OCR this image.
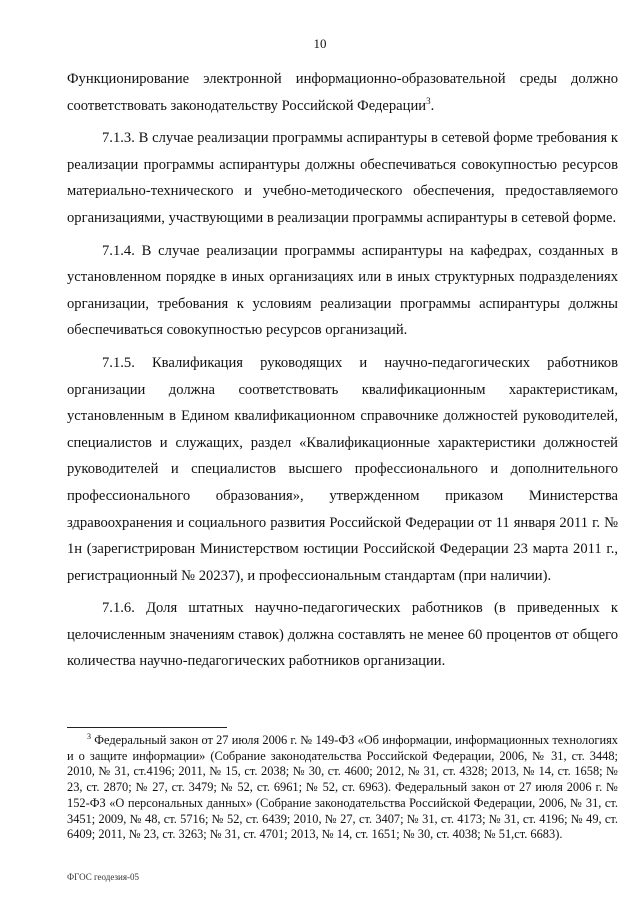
10

Функционирование электронной информационно-образовательной среды должно соответствовать законодательству Российской Федерации$^3$.

7.1.3. В случае реализации программы аспирантуры в сетевой форме требования к реализации программы аспирантуры должны обеспечиваться совокупностью ресурсов материально-технического и учебно-методического обеспечения, предоставляемого организациями, участвующими в реализации программы аспирантуры в сетевой форме.

7.1.4. В случае реализации программы аспирантуры на кафедрах, созданных в установленном порядке в иных организациях или в иных структурных подразделениях организации, требования к условиям реализации программы аспирантуры должны обеспечиваться совокупностью ресурсов организаций.

7.1.5. Квалификация руководящих и научно-педагогических работников организации должна соответствовать квалификационным характеристикам, установленным в Едином квалификационном справочнике должностей руководителей, специалистов и служащих, раздел «Квалификационные характеристики должностей руководителей и специалистов высшего профессионального и дополнительного профессионального образования», утвержденном приказом Министерства здравоохранения и социального развития Российской Федерации от 11 января 2011 г. № 1н (зарегистрирован Министерством юстиции Российской Федерации 23 марта 2011 г., регистрационный № 20237), и профессиональным стандартам (при наличии).

7.1.6. Доля штатных научно-педагогических работников (в приведенных к целочисленным значениям ставок) должна составлять не менее 60 процентов от общего количества научно-педагогических работников организации.

$^3$ Федеральный закон от 27 июля 2006 г. № 149-ФЗ «Об информации, информационных технологиях и о защите информации» (Собрание законодательства Российской Федерации, 2006, № 31, ст. 3448; 2010, № 31, ст.4196; 2011, № 15, ст. 2038; № 30, ст. 4600; 2012, № 31, ст. 4328; 2013, № 14, ст. 1658; № 23, ст. 2870; № 27, ст. 3479; № 52, ст. 6961; № 52, ст. 6963). Федеральный закон от 27 июля 2006 г. № 152-ФЗ «О персональных данных» (Собрание законодательства Российской Федерации, 2006, № 31, ст. 3451; 2009, № 48, ст. 5716; № 52, ст. 6439; 2010, № 27, ст. 3407; № 31, ст. 4173; № 31, ст. 4196; № 49, ст. 6409; 2011, № 23, ст. 3263; № 31, ст. 4701; 2013, № 14, ст. 1651; № 30, ст. 4038; № 51,ст. 6683).

ФГОС геодезия-05
